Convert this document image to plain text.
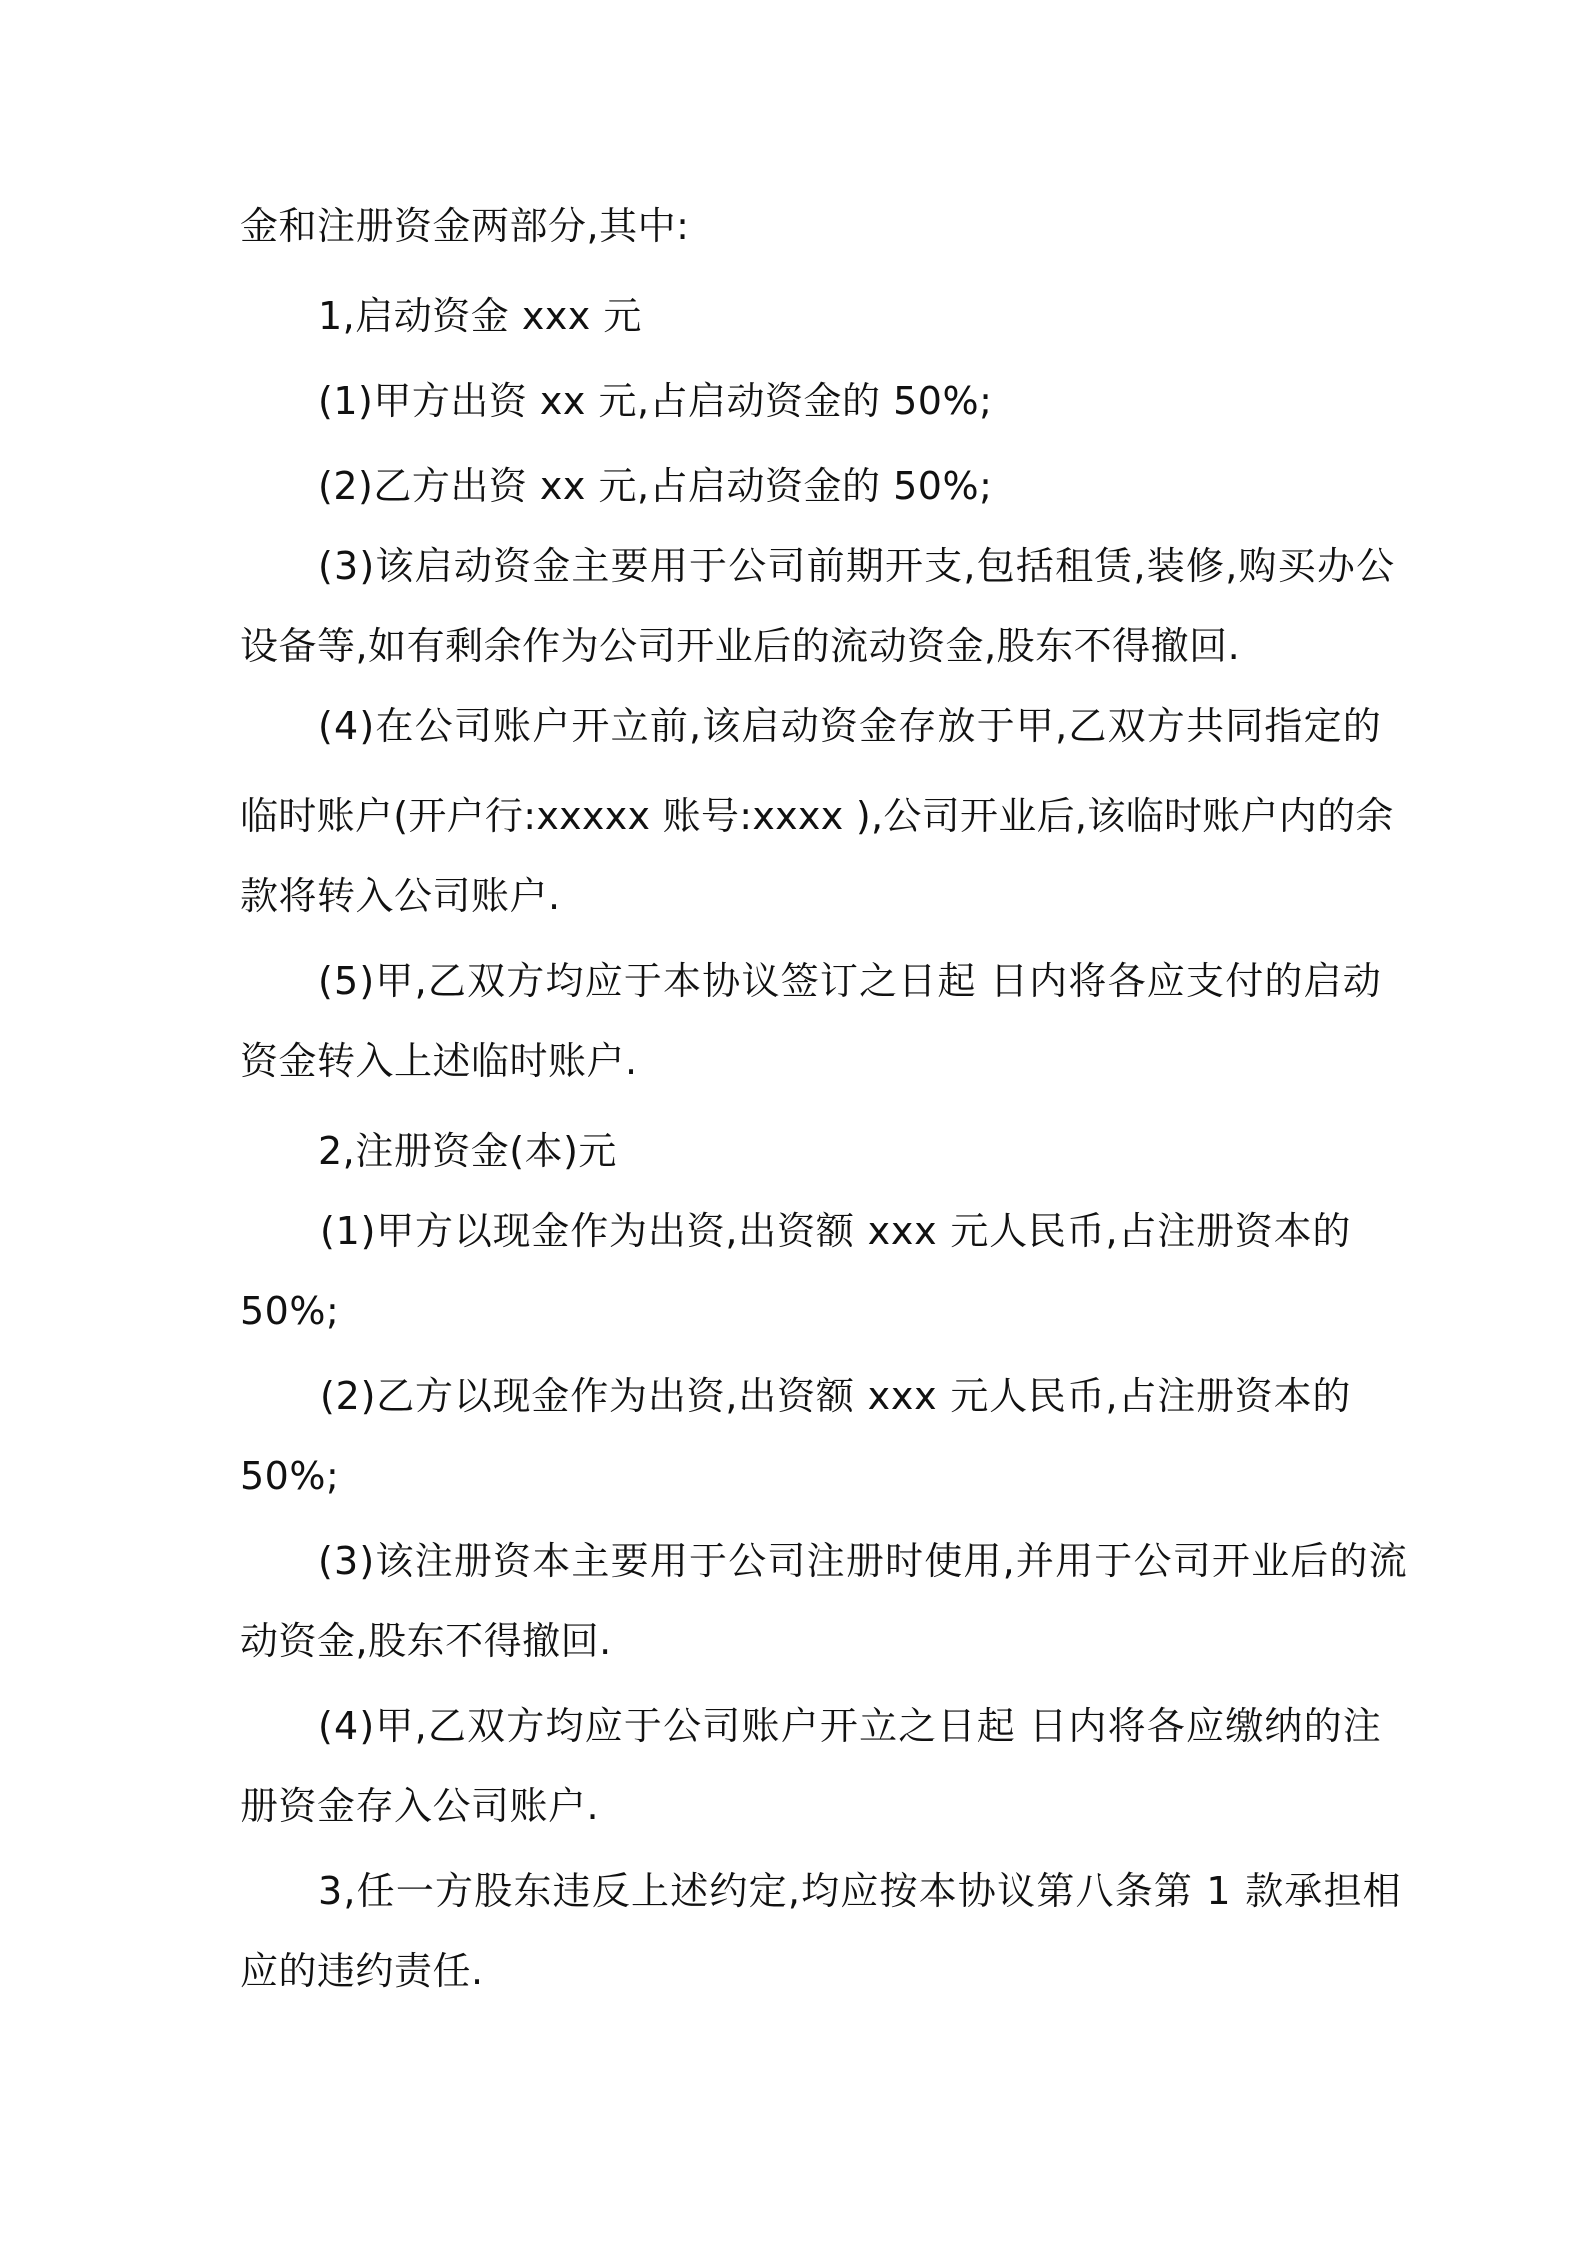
金和注册资金两部分,其中:

1,启动资金 xxx 元

(1)甲方出资 xx 元,占启动资金的 50%;

(2)乙方出资 xx 元,占启动资金的 50%;

(3)该启动资金主要用于公司前期开支,包括租赁,装修,购买办公

设备等,如有剩余作为公司开业后的流动资金,股东不得撤回.

(4)在公司账户开立前,该启动资金存放于甲,乙双方共同指定的

临时账户(开户行:xxxxx 账号:xxxx ),公司开业后,该临时账户内的余

款将转入公司账户.

(5)甲,乙双方均应于本协议签订之日起 日内将各应支付的启动

资金转入上述临时账户.

2,注册资金(本)元

(1)甲方以现金作为出资,出资额 xxx 元人民币,占注册资本的

50%;

(2)乙方以现金作为出资,出资额 xxx 元人民币,占注册资本的

50%;

(3)该注册资本主要用于公司注册时使用,并用于公司开业后的流

动资金,股东不得撤回.

(4)甲,乙双方均应于公司账户开立之日起 日内将各应缴纳的注

册资金存入公司账户.

3,任一方股东违反上述约定,均应按本协议第八条第 1 款承担相

应的违约责任.
